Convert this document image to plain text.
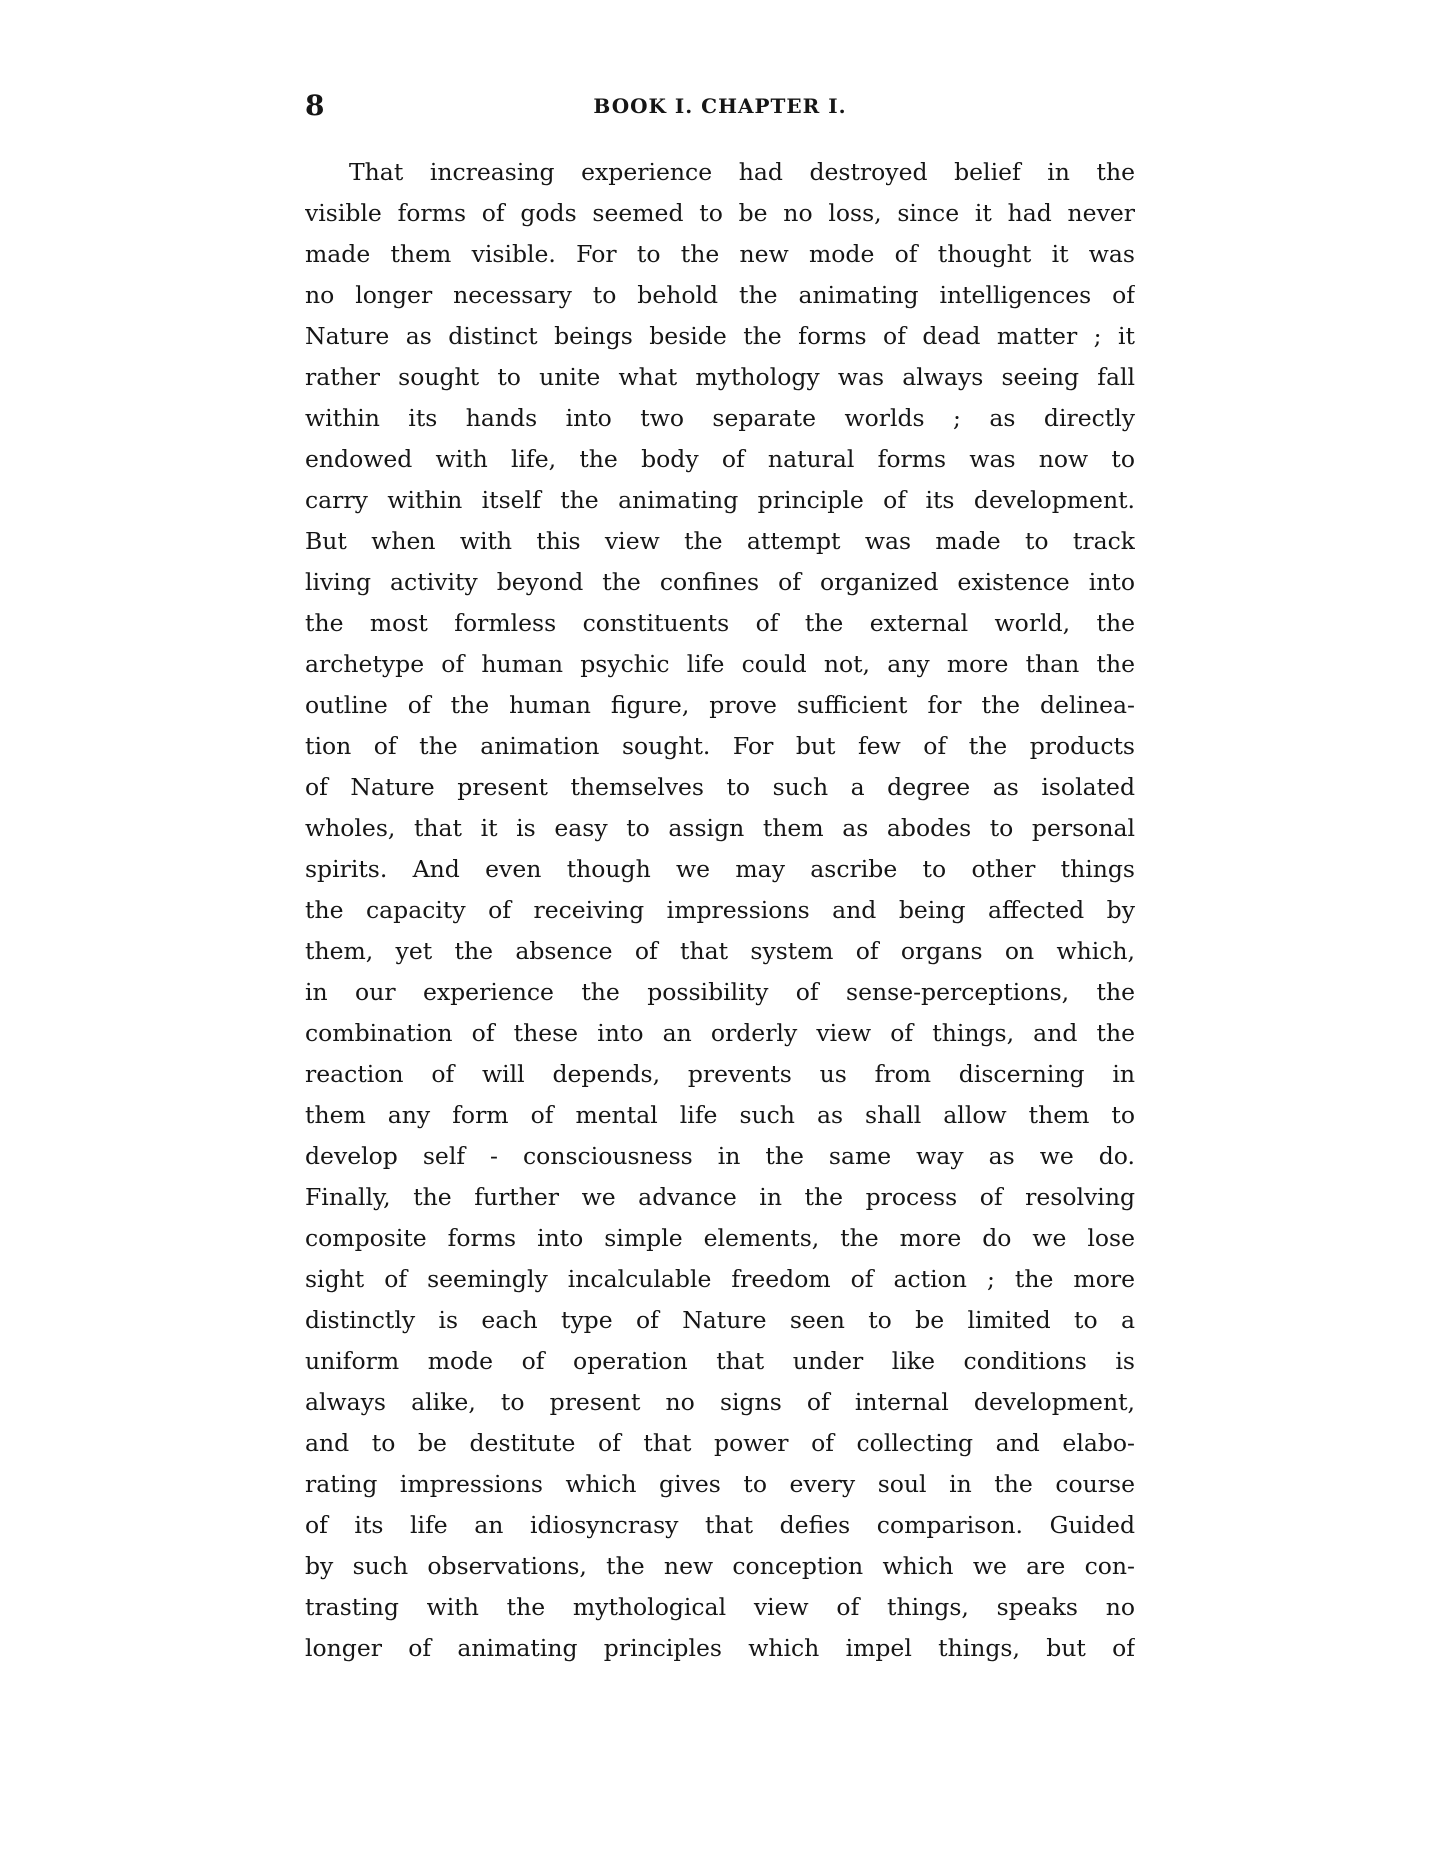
8	BOOK I. CHAPTER I.
That increasing experience had destroyed belief in the
visible forms of gods seemed to be no loss, since it had never
made them visible. For to the new mode of thought it was
no longer necessary to behold the animating intelligences of
Nature as distinct beings beside the forms of dead matter ; it
rather sought to unite what mythology was always seeing fall
within its hands into two separate worlds ; as directly
endowed with life, the body of natural forms was now to
carry within itself the animating principle of its development.
But when with this view the attempt was made to track
living activity beyond the confines of organized existence into
the most formless constituents of the external world, the
archetype of human psychic life could not, any more than the
outline of the human figure, prove sufficient for the delinea-
tion of the animation sought. For but few of the products
of Nature present themselves to such a degree as isolated
wholes, that it is easy to assign them as abodes to personal
spirits. And even though we may ascribe to other things
the capacity of receiving impressions and being affected by
them, yet the absence of that system of organs on which,
in our experience the possibility of sense-perceptions, the
combination of these into an orderly view of things, and the
reaction of will depends, prevents us from discerning in
them any form of mental life such as shall allow them to
develop self - consciousness in the same way as we do.
Finally, the further we advance in the process of resolving
composite forms into simple elements, the more do we lose
sight of seemingly incalculable freedom of action ; the more
distinctly is each type of Nature seen to be limited to a
uniform mode of operation that under like conditions is
always alike, to present no signs of internal development,
and to be destitute of that power of collecting and elabo-
rating impressions which gives to every soul in the course
of its life an idiosyncrasy that defies comparison. Guided
by such observations, the new conception which we are con-
trasting with the mythological view of things, speaks no
longer of animating principles which impel things, but of
